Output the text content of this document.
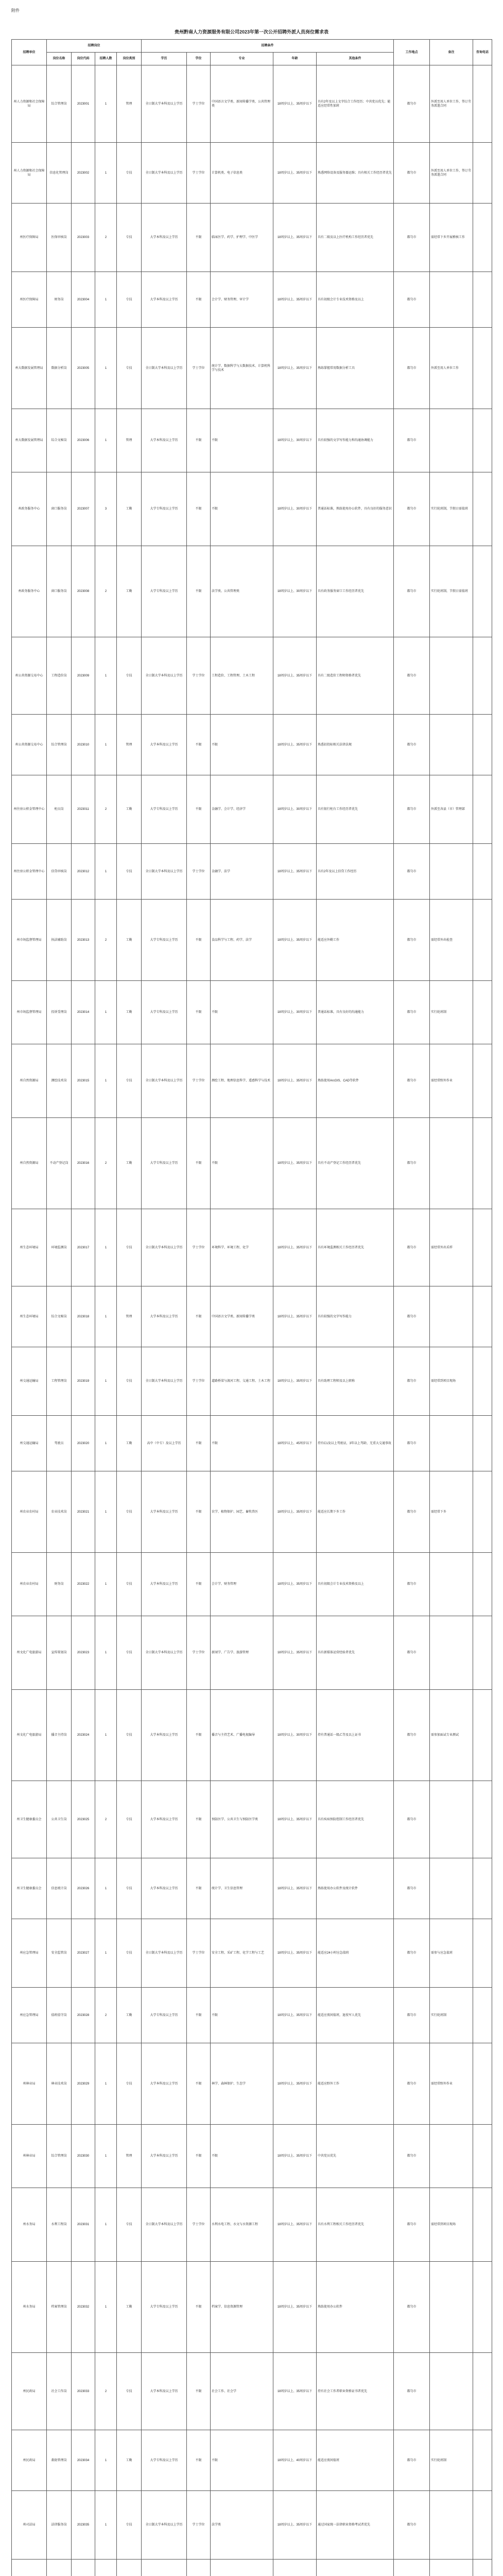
附件
贵州黔南人力资源服务有限公司2023年第一次公开招聘外派人员岗位需求表
招聘单位	招聘岗位				招聘条件					工作地点	备注	咨询电话
	岗位名称	岗位代码	招聘人数	岗位类别	学历	学位	专业	年龄	其他条件			
州人力资源和社会保障局	综合管理岗	2023001	1	管理	全日制大学本科及以上学历	学士学位	中国语言文学类、新闻传播学类、公共管理类	18周岁以上、35周岁以下	具有2年及以上文字综合工作经历；中共党员优先；能适应经常性加班	都匀市	外派至用人单位工作，签订劳务派遣合同	
州人力资源和社会保障局	信息化管理岗	2023002	1	专技	全日制大学本科及以上学历	学士学位	计算机类、电子信息类	18周岁以上、35周岁以下	熟悉网络设备及服务器运维；具有相关工作经历者优先	都匀市	外派至用人单位工作，签订劳务派遣合同	
州医疗保障局	医保审核岗	2023003	2	专技	大学本科及以上学历	不限	临床医学、药学、护理学、中医学	18周岁以上、35周岁以下	具有二级及以上医疗机构工作经历者优先	都匀市	需经常下乡开展稽核工作	
州医疗保障局	财务岗	2023004	1	专技	大学本科及以上学历	不限	会计学、财务管理、审计学	18周岁以上、35周岁以下	具有初级会计专业技术资格及以上	都匀市		
州大数据发展管理局	数据分析岗	2023005	1	专技	全日制大学本科及以上学历	学士学位	统计学、数据科学与大数据技术、计算机科学与技术	18周岁以上、35周岁以下	熟练掌握常用数据分析工具	都匀市	外派至用人单位工作	
州大数据发展管理局	综合文秘岗	2023006	1	管理	大学本科及以上学历	不限	不限	18周岁以上、30周岁以下	具有较强的文字写作能力和沟通协调能力	都匀市		
州政务服务中心	窗口服务岗	2023007	3	工勤	大学专科及以上学历	不限	不限	18周岁以上、30周岁以下	普通话标准，熟练使用办公软件，具有良好的服务意识	都匀市	实行轮班制，节假日需值班	
州政务服务中心	窗口服务岗	2023008	2	工勤	大学专科及以上学历	不限	法学类、公共管理类	18周岁以上、30周岁以下	具有政务服务窗口工作经历者优先	都匀市	实行轮班制，节假日需值班	
州公共资源交易中心	工程造价岗	2023009	1	专技	全日制大学本科及以上学历	学士学位	工程造价、工程管理、土木工程	18周岁以上、35周岁以下	具有二级造价工程师资格者优先	都匀市		
州公共资源交易中心	综合管理岗	2023010	1	管理	大学本科及以上学历	不限	不限	18周岁以上、35周岁以下	熟悉招投标相关法律法规	都匀市		
州住房公积金管理中心	柜员岗	2023011	2	工勤	大学专科及以上学历	不限	金融学、会计学、经济学	18周岁以上、30周岁以下	具有银行柜台工作经历者优先	都匀市	外派至各县（市）管理部	
州住房公积金管理中心	信贷审核岗	2023012	1	专技	全日制大学本科及以上学历	学士学位	金融学、法学	18周岁以上、35周岁以下	具有2年及以上信贷工作经历	都匀市		
州市场监督管理局	执法辅助岗	2023013	2	工勤	大学专科及以上学历	不限	食品科学与工程、药学、法学	18周岁以上、35周岁以下	能适应外勤工作	都匀市	需经常外出检查	
州市场监督管理局	投诉受理岗	2023014	1	工勤	大学专科及以上学历	不限	不限	18周岁以上、30周岁以下	普通话标准，具有良好的沟通能力	都匀市	实行轮班制	
州自然资源局	测绘技术岗	2023015	1	专技	全日制大学本科及以上学历	学士学位	测绘工程、地理信息科学、遥感科学与技术	18周岁以上、35周岁以下	熟练使用ArcGIS、CAD等软件	都匀市	需经常野外作业	
州自然资源局	不动产登记岗	2023016	2	工勤	大学专科及以上学历	不限	不限	18周岁以上、35周岁以下	具有不动产登记工作经历者优先	都匀市		
州生态环境局	环境监测岗	2023017	1	专技	全日制大学本科及以上学历	学士学位	环境科学、环境工程、化学	18周岁以上、35周岁以下	具有环境监测相关工作经历者优先	都匀市	需经常外出采样	
州生态环境局	综合文秘岗	2023018	1	管理	大学本科及以上学历	不限	中国语言文学类、新闻传播学类	18周岁以上、35周岁以下	具有较强的文字写作能力	都匀市		
州交通运输局	工程管理岗	2023019	1	专技	全日制大学本科及以上学历	学士学位	道路桥梁与渡河工程、交通工程、土木工程	18周岁以上、35周岁以下	具有助理工程师及以上职称	都匀市	需经常到项目现场	
州交通运输局	驾驶员	2023020	1	工勤	高中（中专）及以上学历	不限	不限	18周岁以上、45周岁以下	持有C1及以上驾驶证，3年以上驾龄，无重大交通事故	都匀市		
州农业农村局	农业技术岗	2023021	1	专技	大学本科及以上学历	不限	农学、植物保护、园艺、畜牧兽医	18周岁以上、35周岁以下	能适应长期下乡工作	都匀市	需经常下乡	
州农业农村局	财务岗	2023022	1	专技	大学本科及以上学历	不限	会计学、财务管理	18周岁以上、35周岁以下	具有初级会计专业技术资格及以上	都匀市		
州文化广电旅游局	宣传策划岗	2023023	1	专技	全日制大学本科及以上学历	学士学位	新闻学、广告学、旅游管理	18周岁以上、35周岁以下	具有新媒体运营经验者优先	都匀市		
州文化广电旅游局	播音主持岗	2023024	1	专技	大学本科及以上学历	不限	播音与主持艺术、广播电视编导	18周岁以上、30周岁以下	持有普通话一级乙等及以上证书	都匀市	需参加面试专业测试	
州卫生健康委员会	公共卫生岗	2023025	2	专技	大学本科及以上学历	不限	预防医学、公共卫生与预防医学类	18周岁以上、35周岁以下	具有疾病预防控制工作经历者优先	都匀市		
州卫生健康委员会	信息统计岗	2023026	1	专技	大学本科及以上学历	不限	统计学、卫生信息管理	18周岁以上、35周岁以下	熟练使用办公软件及统计软件	都匀市		
州应急管理局	安全监管岗	2023027	1	专技	全日制大学本科及以上学历	学士学位	安全工程、采矿工程、化学工程与工艺	18周岁以上、35周岁以下	能适应24小时应急值班	都匀市	需参与应急值班	
州应急管理局	值班值守岗	2023028	2	工勤	大学专科及以上学历	不限	不限	18周岁以上、35周岁以下	能适应夜间值班，退役军人优先	都匀市	实行轮班制	
州林业局	林业技术岗	2023029	1	专技	大学本科及以上学历	不限	林学、森林保护、生态学	18周岁以上、35周岁以下	能适应野外工作	都匀市	需经常野外作业	
州林业局	综合管理岗	2023030	1	管理	大学本科及以上学历	不限	不限	18周岁以上、35周岁以下	中共党员优先	都匀市		
州水务局	水利工程岗	2023031	1	专技	全日制大学本科及以上学历	学士学位	水利水电工程、水文与水资源工程	18周岁以上、35周岁以下	具有水利工程相关工作经历者优先	都匀市	需经常到项目现场	
州水务局	档案管理岗	2023032	1	工勤	大学专科及以上学历	不限	档案学、信息资源管理	18周岁以上、35周岁以下	熟练使用办公软件	都匀市		
州民政局	社会工作岗	2023033	2	专技	大学本科及以上学历	不限	社会工作、社会学	18周岁以上、35周岁以下	持有社会工作者职业资格证书者优先	都匀市		
州民政局	救助管理岗	2023034	1	工勤	大学专科及以上学历	不限	不限	18周岁以上、40周岁以下	能适应夜间值班	都匀市	实行轮班制	
州司法局	法律服务岗	2023035	1	专技	全日制大学本科及以上学历	学士学位	法学类	18周岁以上、35周岁以下	通过国家统一法律职业资格考试者优先	都匀市		
